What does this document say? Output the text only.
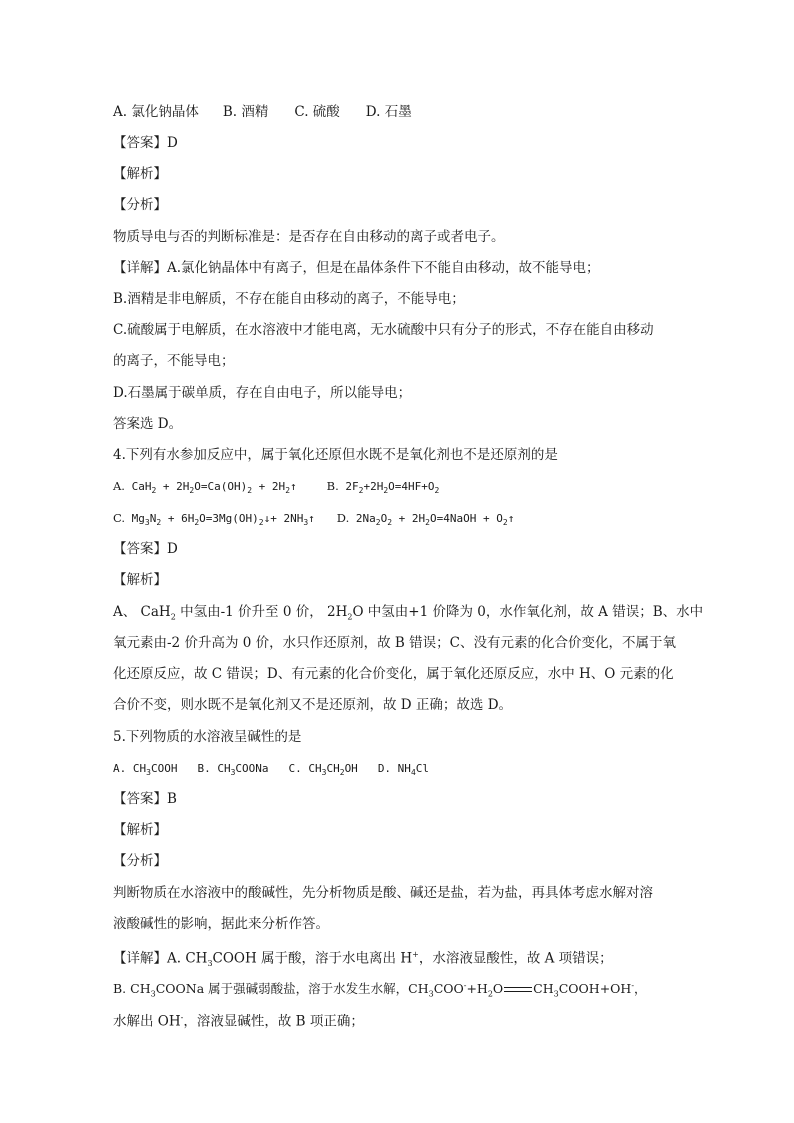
A. 氯化钠晶体 B. 酒精 C. 硫酸 D. 石墨
【答案】D
【解析】
【分析】
物质导电与否的判断标准是：是否存在自由移动的离子或者电子。
【详解】A.氯化钠晶体中有离子，但是在晶体条件下不能自由移动，故不能导电；
B.酒精是非电解质，不存在能自由移动的离子，不能导电；
C.硫酸属于电解质，在水溶液中才能电离，无水硫酸中只有分子的形式，不存在能自由移动
的离子，不能导电；
D.石墨属于碳单质，存在自由电子，所以能导电；
答案选 D。
4.下列有水参加反应中，属于氧化还原但水既不是氧化剂也不是还原剂的是
A. $CaH_2 + 2H_2O=Ca(OH)_2$ + $2H_2↑$	B. $2F_2+2H_2O=4HF+O_2$
C. $Mg_3N_2$ + $6H_2O=3Mg(OH)_2↓+$ $2NH_3↑$ D. $2Na_2O_2$ + $2H_2O=4NaOH$ + $O_2↑$
【答案】D
【解析】
A、 CaH$_2$ 中氢由-1 价升至 0 价， $2H_2O$ 中氢由+1 价降为 0，水作氧化剂，故 A 错误；B、水中
氧元素由-2 价升高为 0 价，水只作还原剂，故 B 错误；C、没有元素的化合价变化，不属于氧
化还原反应，故 C 错误；D、有元素的化合价变化，属于氧化还原反应，水中 H、O 元素的化
合价不变，则水既不是氧化剂又不是还原剂，故 D 正确；故选 D。
5.下列物质的水溶液呈碱性的是
A. $CH_3COOH$ B. $CH_3COONa$ C. $CH_3CH_2OH$ D. $NH_4Cl$
【答案】B
【解析】
【分析】
判断物质在水溶液中的酸碱性，先分析物质是酸、碱还是盐，若为盐，再具体考虑水解对溶
液酸碱性的影响，据此来分析作答。
【详解】A. $CH_3COOH$ 属于酸，溶于水电离出 H+，水溶液显酸性，故 A 项错误；
B. $CH_3COONa$ 属于强碱弱酸盐，溶于水发生水解，$CH_3COO^-+H_2O$ $CH_3COOH+OH^-$，
水解出 OH-，溶液显碱性，故 B 项正确；
